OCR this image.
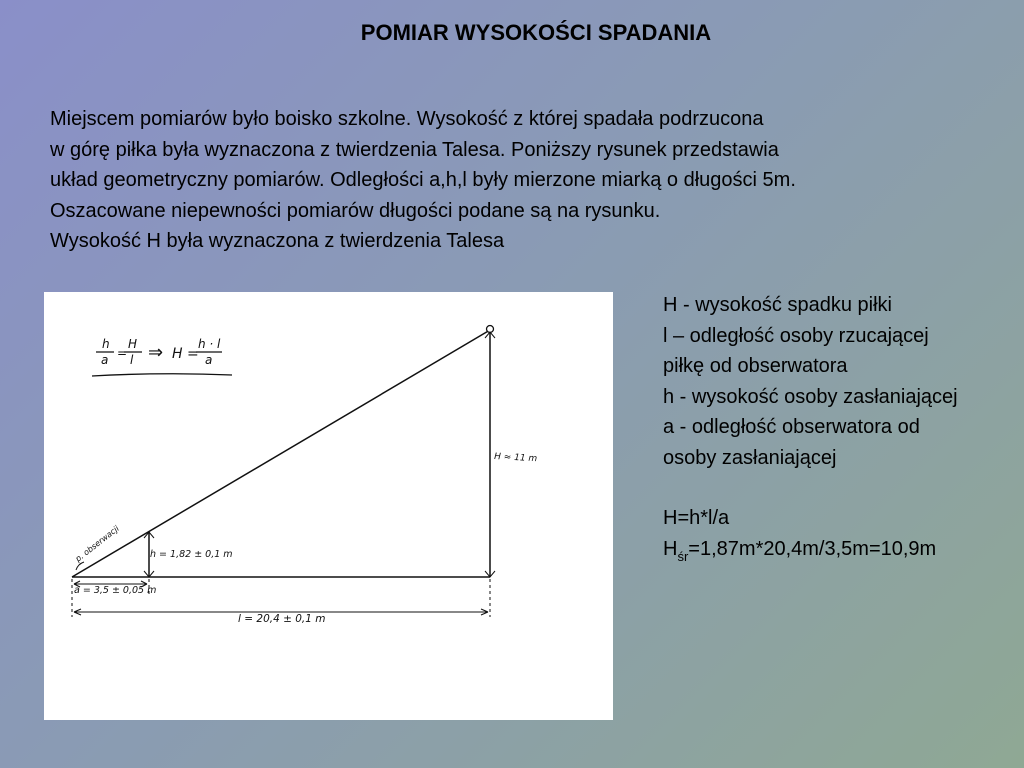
POMIAR WYSOKOŚCI SPADANIA
Miejscem pomiarów było boisko szkolne. Wysokość z której spadała podrzucona
w górę piłka była wyznaczona z twierdzenia Talesa. Poniższy rysunek przedstawia
układ geometryczny pomiarów. Odległości a,h,l były mierzone miarką o długości 5m.
Oszacowane niepewności pomiarów długości podane są na rysunku.
Wysokość H była wyznaczona z twierdzenia Talesa
h
a =
H
l ⇒ H =
h · l
a
p. obserwacji	h = 1,82 ± 0,1 m
H ≈ 11 m
a = 3,5 ± 0,05 m
l = 20,4 ± 0,1 m
H - wysokość spadku piłki
l – odległość osoby rzucającej
piłkę od obserwatora
h - wysokość osoby zasłaniającej
a - odległość obserwatora od
osoby zasłaniającej
H=h*l/a
$H_{śr}=1,87m*20,4m/3,5m=10,9m$
